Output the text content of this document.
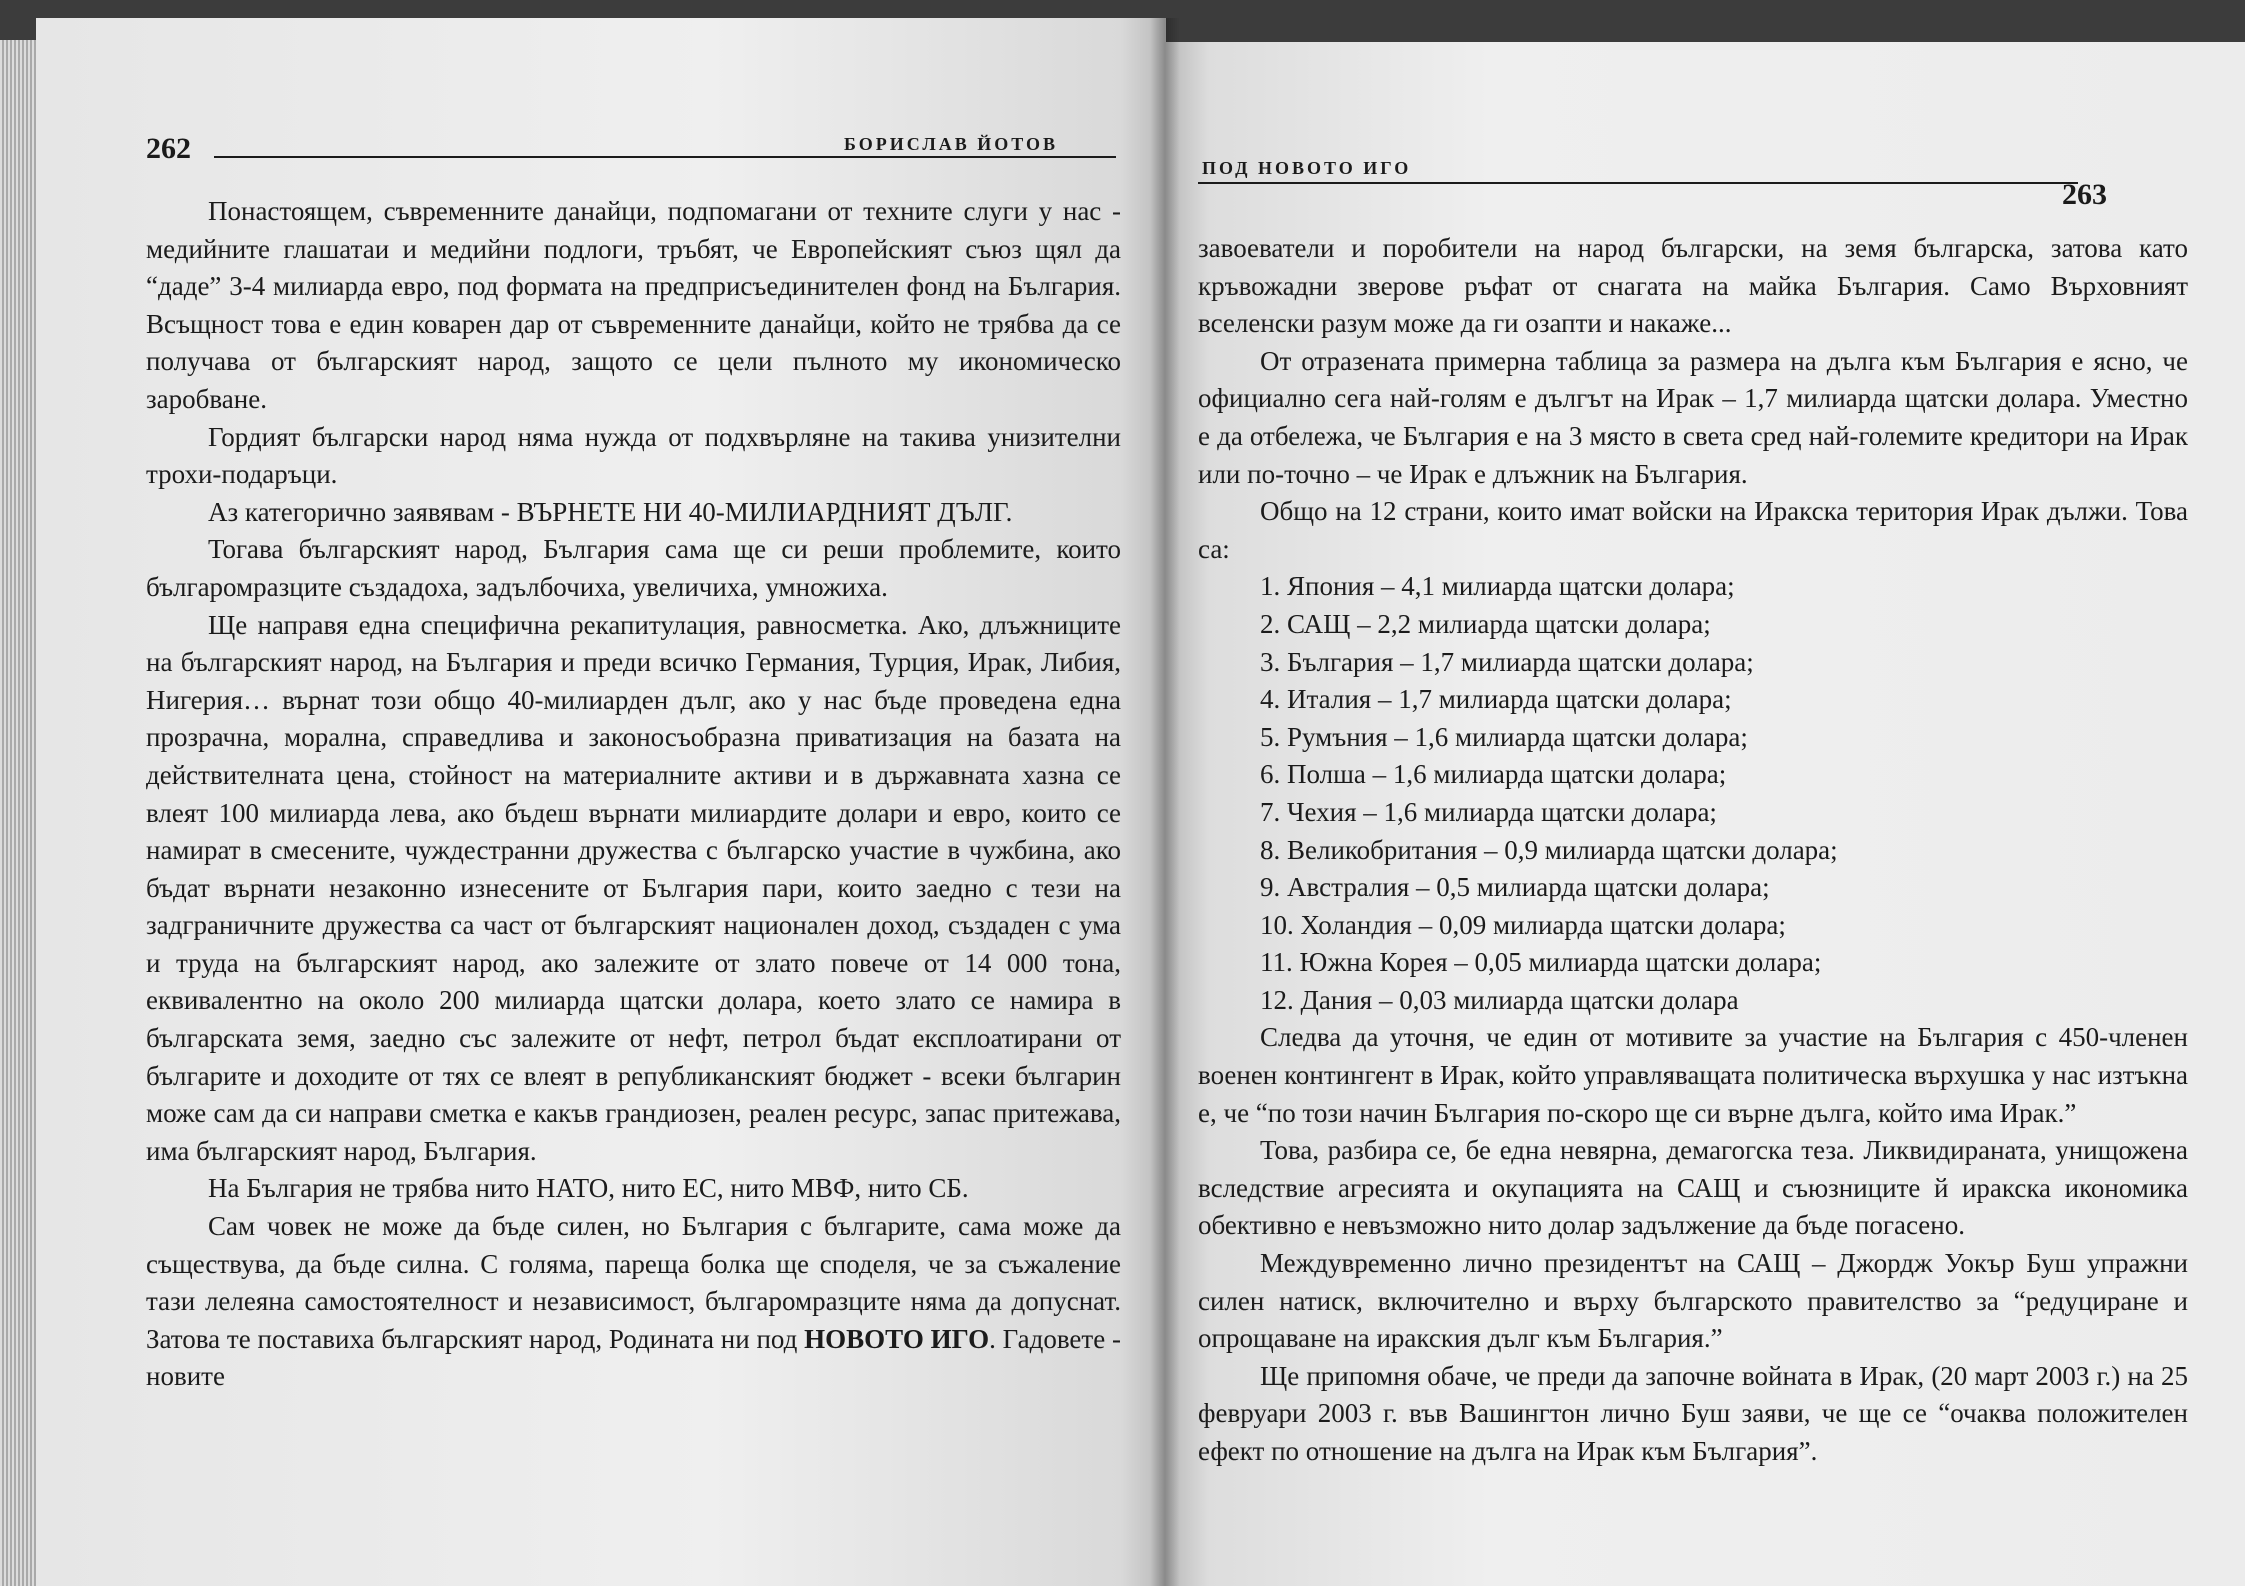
262	БОРИСЛАВ ЙОТОВ

Понастоящем, съвременните данайци, подпомагани от техните слуги у нас - медийните глашатаи и медийни подлоги, тръбят, че Европейският съюз щял да “даде” 3-4 милиарда евро, под формата на предприсъединителен фонд на България. Всъщност това е един коварен дар от съвременните данайци, който не трябва да се получава от българският народ, защото се цели пълното му икономическо заробване.

Гордият български народ няма нужда от подхвърляне на такива унизителни трохи-подаръци.

Аз категорично заявявам - ВЪРНЕТЕ НИ 40-МИЛИАРДНИЯТ ДЪЛГ.

Тогава българският народ, България сама ще си реши проблемите, които българомразците създадоха, задълбочиха, увеличиха, умножиха.

Ще направя една специфична рекапитулация, равносметка. Ако, длъжниците на българският народ, на България и преди всичко Германия, Турция, Ирак, Либия, Нигерия… върнат този общо 40-милиарден дълг, ако у нас бъде проведена една прозрачна, морална, справедлива и законосъобразна приватизация на базата на действителната цена, стойност на материалните активи и в държавната хазна се влеят 100 милиарда лева, ако бъдеш върнати милиардите долари и евро, които се намират в смесените, чуждестранни дружества с българско участие в чужбина, ако бъдат върнати незаконно изнесените от България пари, които заедно с тези на задграничните дружества са част от българският национален доход, създаден с ума и труда на българският народ, ако залежите от злато повече от 14 000 тона, еквивалентно на около 200 милиарда щатски долара, което злато се намира в българската земя, заедно със залежите от нефт, петрол бъдат експлоатирани от българите и доходите от тях се влеят в републиканският бюджет - всеки българин може сам да си направи сметка е какъв грандиозен, реален ресурс, запас притежава, има българският народ, България.

На България не трябва нито НАТО, нито ЕС, нито МВФ, нито СБ.

Сам човек не може да бъде силен, но България с българите, сама може да съществува, да бъде силна. С голяма, пареща болка ще споделя, че за съжаление тази лелеяна самостоятелност и независимост, българомразците няма да допуснат. Затова те поставиха българският народ, Родината ни под НОВОТО ИГО. Гадовете - новите

ПОД НОВОТО ИГО
263

завоеватели и поробители на народ български, на земя българска, затова като кръвожадни зверове ръфат от снагата на майка България. Само Върховният вселенски разум може да ги озапти и накаже...

От отразената примерна таблица за размера на дълга към България е ясно, че официално сега най-голям е дългът на Ирак – 1,7 милиарда щатски долара. Уместно е да отбележа, че България е на 3 място в света сред най-големите кредитори на Ирак или по-точно – че Ирак е длъжник на България.

Общо на 12 страни, които имат войски на Иракска територия Ирак дължи. Това са:

1. Япония – 4,1 милиарда щатски долара;
2. САЩ – 2,2 милиарда щатски долара;
3. България – 1,7 милиарда щатски долара;
4. Италия – 1,7 милиарда щатски долара;
5. Румъния – 1,6 милиарда щатски долара;
6. Полша – 1,6 милиарда щатски долара;
7. Чехия – 1,6 милиарда щатски долара;
8. Великобритания – 0,9 милиарда щатски долара;
9. Австралия – 0,5 милиарда щатски долара;
10. Холандия – 0,09 милиарда щатски долара;
11. Южна Корея – 0,05 милиарда щатски долара;
12. Дания – 0,03 милиарда щатски долара

Следва да уточня, че един от мотивите за участие на България с 450-членен военен контингент в Ирак, който управляващата политическа върхушка у нас изтъкна е, че “по този начин България по-скоро ще си върне дълга, който има Ирак.”

Това, разбира се, бе една невярна, демагогска теза. Ликвидираната, унищожена вследствие агресията и окупацията на САЩ и съюзниците й иракска икономика обективно е невъзможно нито долар задължение да бъде погасено.

Междувременно лично президентът на САЩ – Джордж Уокър Буш упражни силен натиск, включително и върху българското правителство за “редуциране и опрощаване на иракския дълг към България.”

Ще припомня обаче, че преди да започне войната в Ирак, (20 март 2003 г.) на 25 февруари 2003 г. във Вашингтон лично Буш заяви, че ще се “очаква положителен ефект по отношение на дълга на Ирак към България”.
